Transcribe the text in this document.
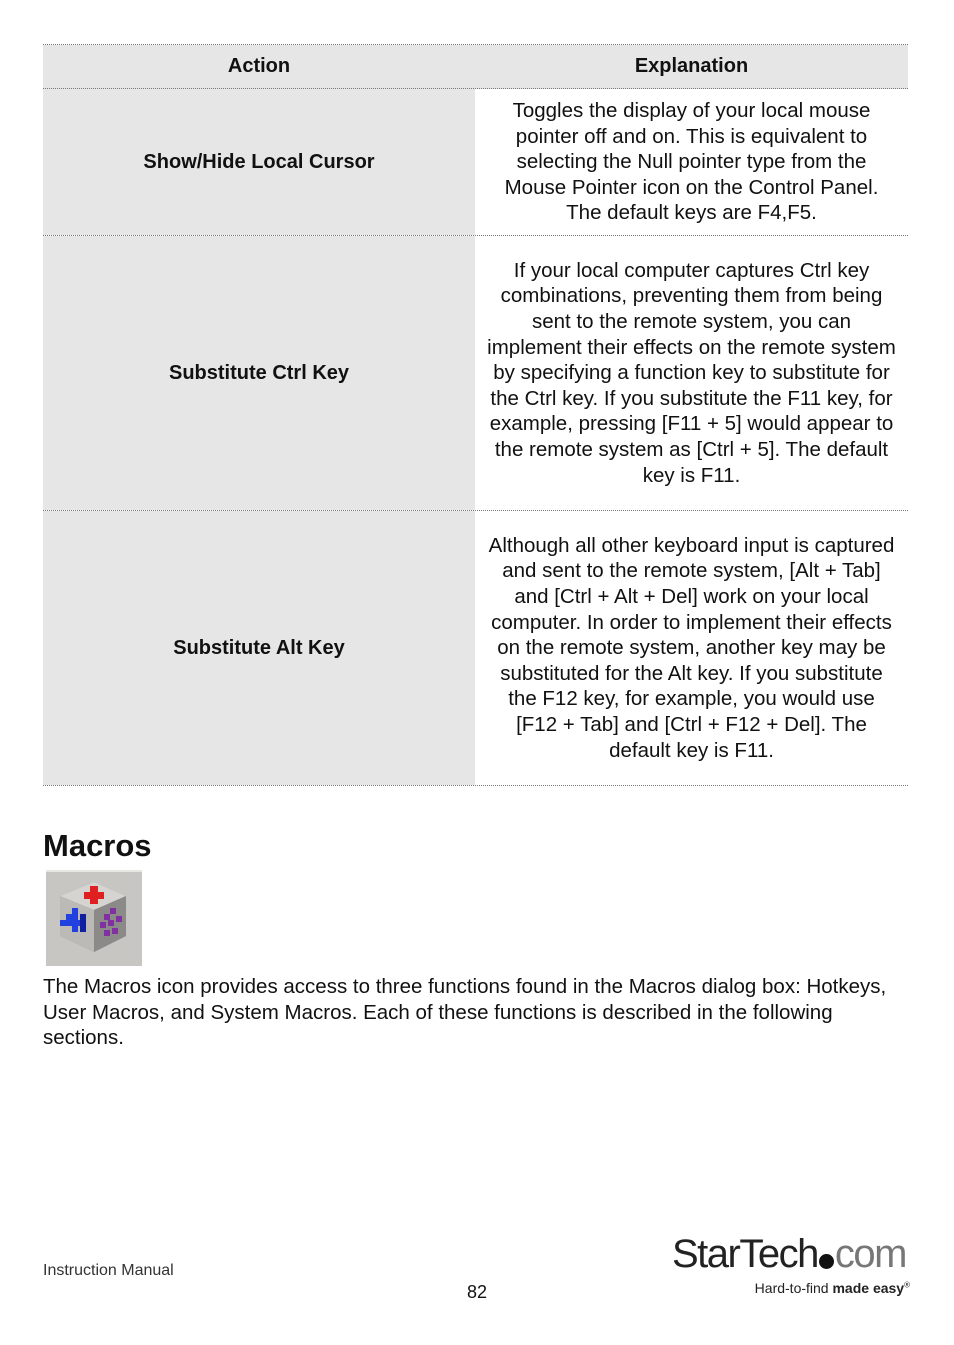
Action	Explanation
Show/Hide Local Cursor
Toggles the display of your local mouse pointer off and on. This is equivalent to selecting the Null pointer type from the Mouse Pointer icon on the Control Panel. The default keys are F4,F5.
Substitute Ctrl Key
If your local computer captures Ctrl key combinations, preventing them from being sent to the remote system, you can implement their effects on the remote system by specifying a function key to substitute for the Ctrl key. If you substitute the F11 key, for example, pressing [F11 + 5] would appear to the remote system as [Ctrl + 5]. The default key is F11.
Substitute Alt Key
Although all other keyboard input is captured and sent to the remote system, [Alt + Tab] and [Ctrl + Alt + Del] work on your local computer. In order to implement their effects on the remote system, another key may be substituted for the Alt key. If you substitute the F12 key, for example, you would use [F12 + Tab] and [Ctrl + F12 + Del]. The default key is F11.
Macros

The Macros icon provides access to three functions found in the Macros dialog box: Hotkeys, User Macros, and System Macros. Each of these functions is described in the following sections.

Instruction Manual
82
StarTech com
Hard-to-find made easy®
